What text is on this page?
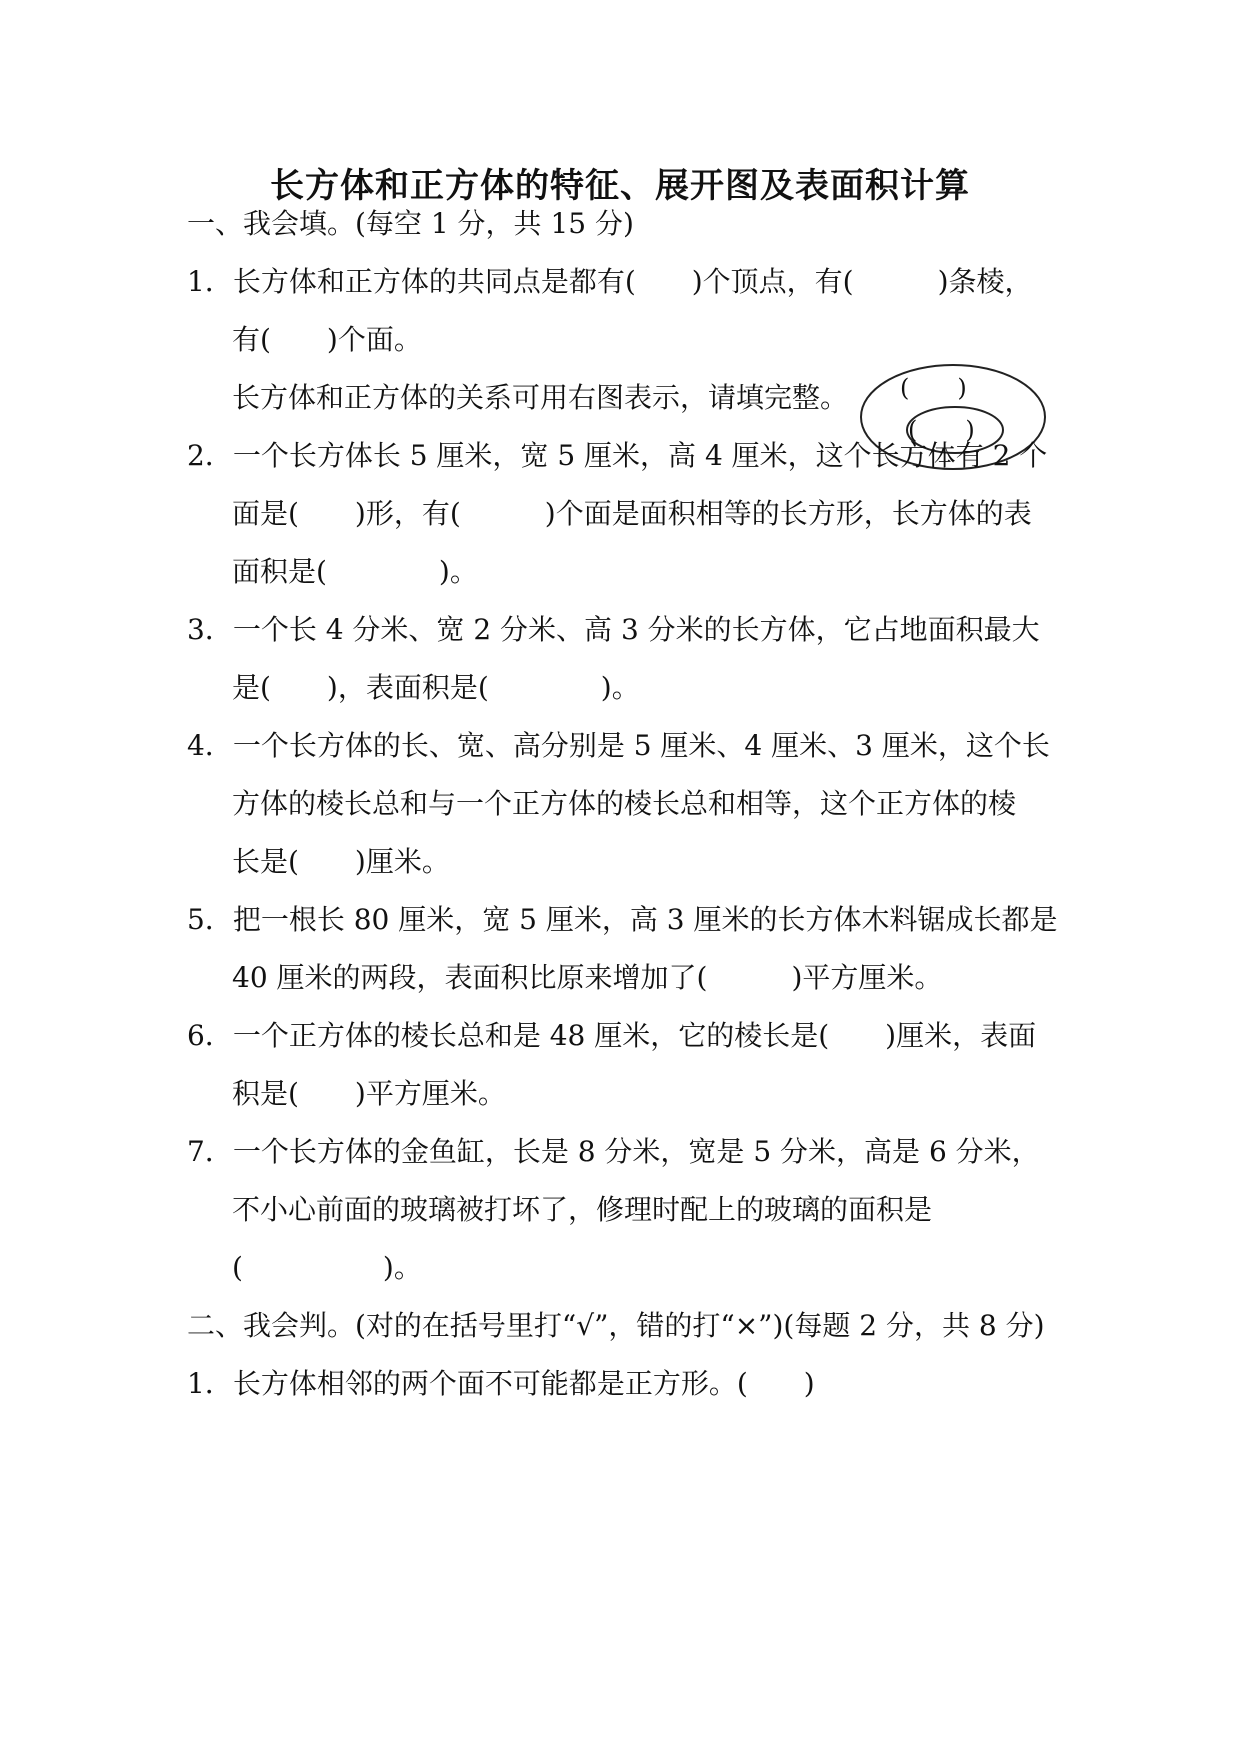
长方体和正方体的特征、展开图及表面积计算
一、我会填。(每空 1 分，共 15 分)
1．长方体和正方体的共同点是都有(　　)个顶点，有(　　　)条棱，
有(　　)个面。
长方体和正方体的关系可用右图表示，请填完整。 (　　)
(　　)
2．一个长方体长 5 厘米，宽 5 厘米，高 4 厘米，这个长方体有 2 个
面是(　　)形，有(　　　)个面是面积相等的长方形，长方体的表
面积是(　　　　)。
3．一个长 4 分米、宽 2 分米、高 3 分米的长方体，它占地面积最大
是(　　)，表面积是(　　　　)。
4．一个长方体的长、宽、高分别是 5 厘米、4 厘米、3 厘米，这个长
方体的棱长总和与一个正方体的棱长总和相等，这个正方体的棱
长是(　　)厘米。
5．把一根长 80 厘米，宽 5 厘米，高 3 厘米的长方体木料锯成长都是
40 厘米的两段，表面积比原来增加了(　　　)平方厘米。
6．一个正方体的棱长总和是 48 厘米，它的棱长是(　　)厘米，表面
积是(　　)平方厘米。
7．一个长方体的金鱼缸，长是 8 分米，宽是 5 分米，高是 6 分米，
不小心前面的玻璃被打坏了，修理时配上的玻璃的面积是
(　　　　　)。
二、我会判。(对的在括号里打“√”，错的打“×”)(每题 2 分，共 8 分)
1．长方体相邻的两个面不可能都是正方形。(　　)
